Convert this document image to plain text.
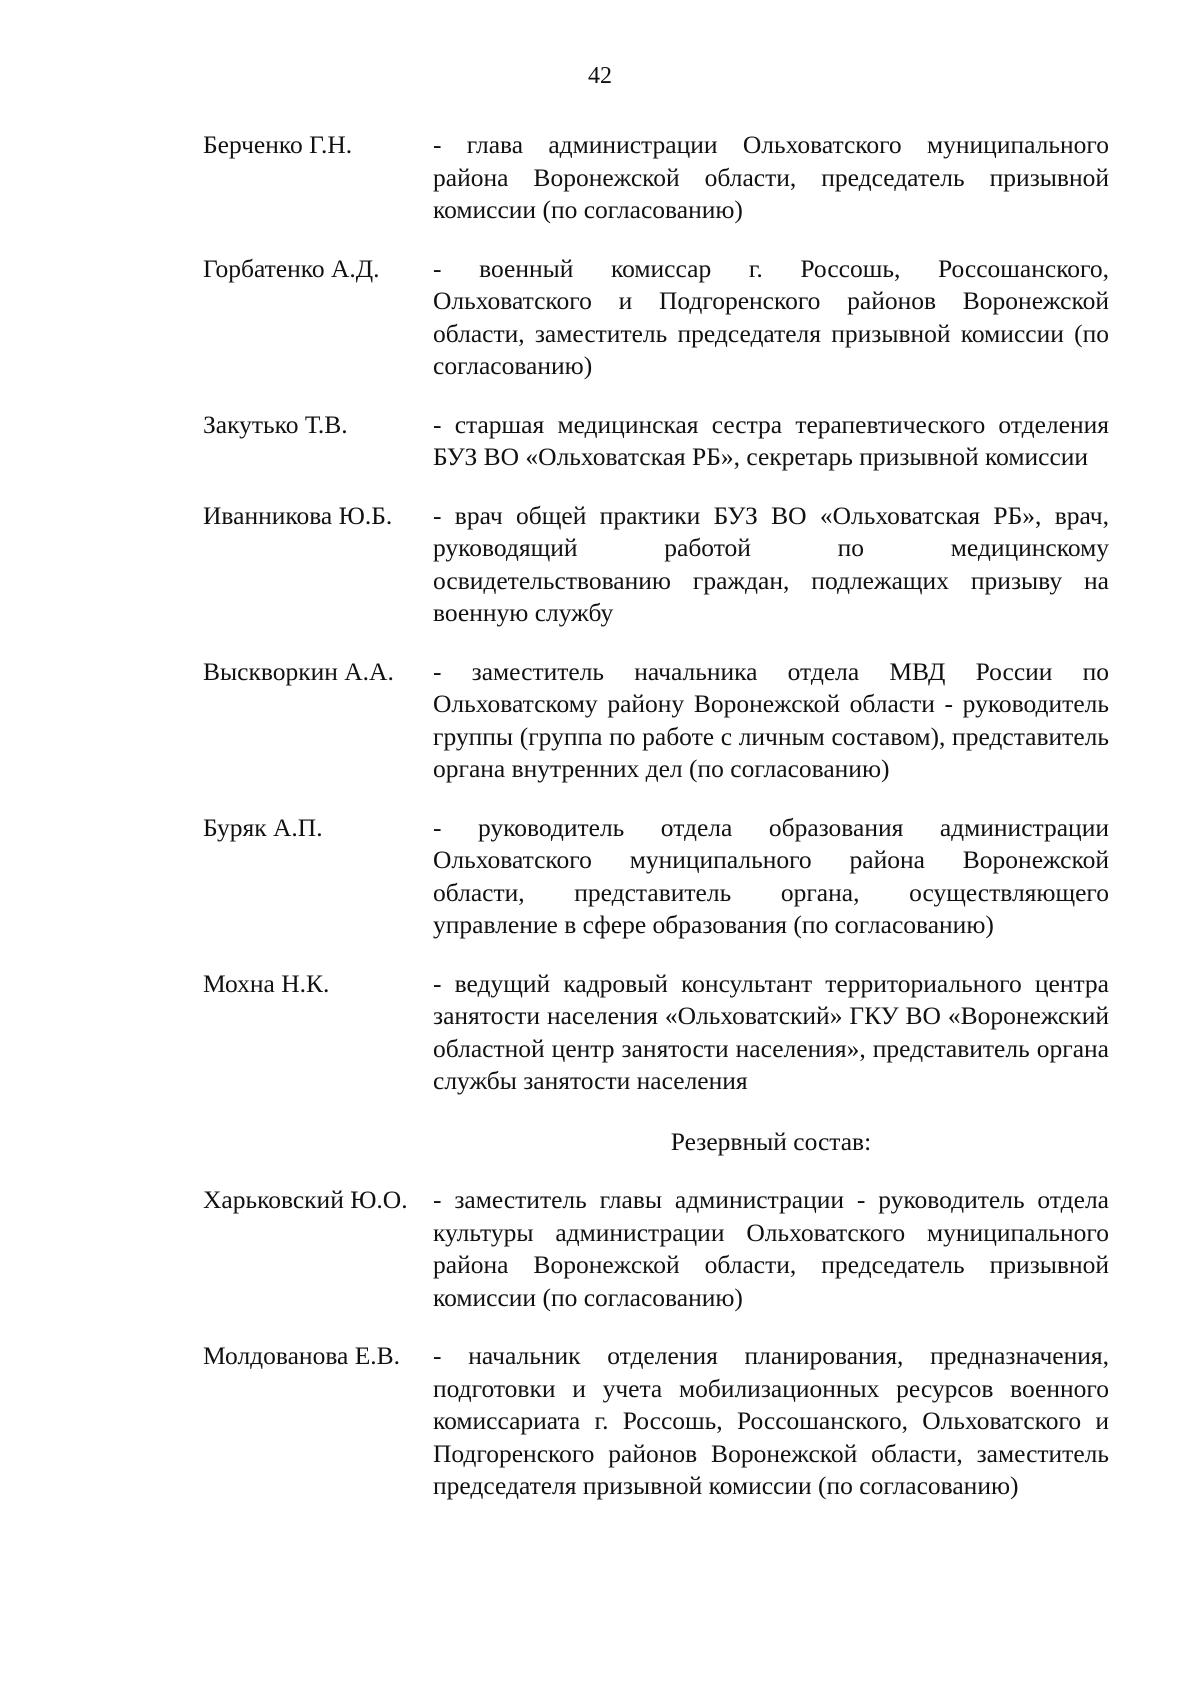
42
Берченко Г.Н.	- глава администрации Ольховатского муниципального района Воронежской области, председатель призывной комиссии (по согласованию)
Горбатенко А.Д.	- военный комиссар г. Россошь, Россошанского, Ольховатского и Подгоренского районов Воронежской области, заместитель председателя призывной комиссии (по согласованию)
Закутько Т.В.	- старшая медицинская сестра терапевтического отделения БУЗ ВО «Ольховатская РБ», секретарь призывной комиссии
Иванникова Ю.Б.	- врач общей практики БУЗ ВО «Ольховатская РБ», врач, руководящий работой по медицинскому освидетельствованию граждан, подлежащих призыву на военную службу
Выскворкин А.А.	- заместитель начальника отдела МВД России по Ольховатскому району Воронежской области - руководитель группы (группа по работе с личным составом), представитель органа внутренних дел (по согласованию)
Буряк А.П.	- руководитель отдела образования администрации Ольховатского муниципального района Воронежской области, представитель органа, осуществляющего управление в сфере образования (по согласованию)
Мохна Н.К.	- ведущий кадровый консультант территориального центра занятости населения «Ольховатский» ГКУ ВО «Воронежский областной центр занятости населения», представитель органа службы занятости населения
Резервный состав:
Харьковский Ю.О. - заместитель главы администрации - руководитель отдела культуры администрации Ольховатского муниципального района Воронежской области, председатель призывной комиссии (по согласованию)
Молдованова Е.В.	- начальник отделения планирования, предназначения, подготовки и учета мобилизационных ресурсов военного комиссариата г. Россошь, Россошанского, Ольховатского и Подгоренского районов Воронежской области, заместитель председателя призывной комиссии (по согласованию)
